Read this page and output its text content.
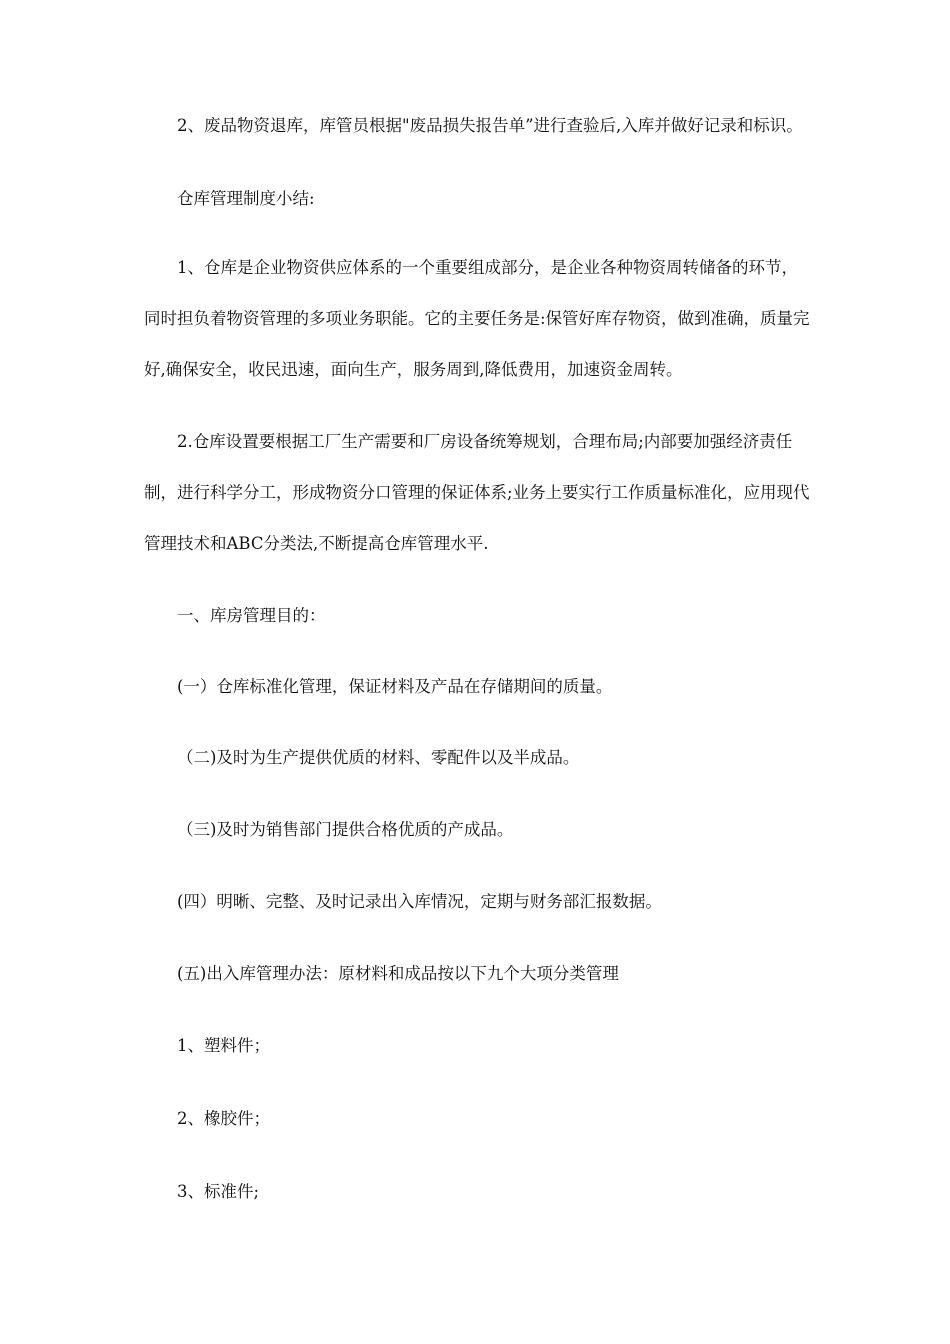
2、废品物资退库，库管员根据"废品损失报告单”进行查验后,入库并做好记录和标识。

仓库管理制度小结:

1、仓库是企业物资供应体系的一个重要组成部分，是企业各种物资周转储备的环节，同时担负着物资管理的多项业务职能。它的主要任务是:保管好库存物资，做到准确，质量完好,确保安全，收民迅速，面向生产，服务周到,降低费用，加速资金周转。

2.仓库设置要根据工厂生产需要和厂房设备统筹规划，合理布局;内部要加强经济责任制，进行科学分工，形成物资分口管理的保证体系;业务上要实行工作质量标准化，应用现代管理技术和ABC分类法,不断提高仓库管理水平.

一、库房管理目的：

(一）仓库标准化管理，保证材料及产品在存储期间的质量。

（二)及时为生产提供优质的材料、零配件以及半成品。

（三)及时为销售部门提供合格优质的产成品。

(四）明晰、完整、及时记录出入库情况，定期与财务部汇报数据。

(五)出入库管理办法：原材料和成品按以下九个大项分类管理

1、塑料件；

2、橡胶件；

3、标准件;
